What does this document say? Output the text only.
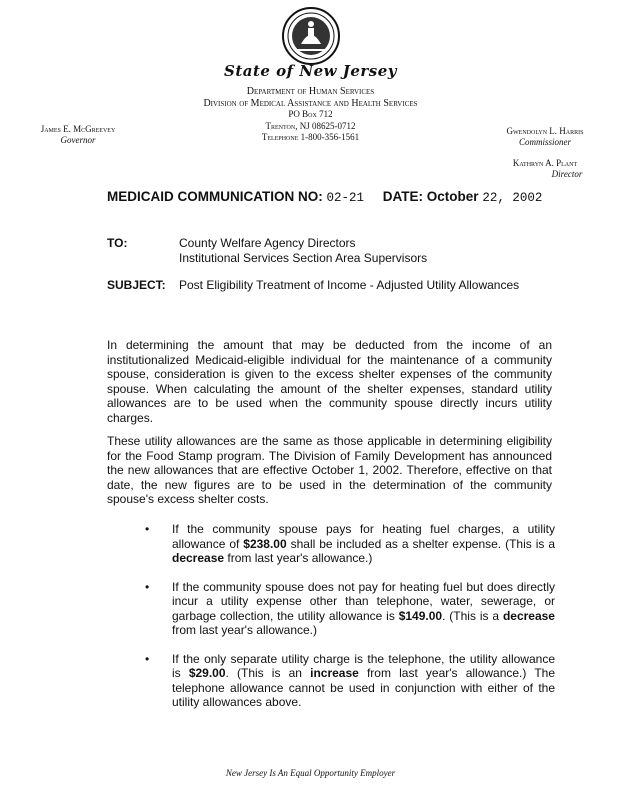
State of New Jersey
Department of Human Services
Division of Medical Assistance and Health Services
PO Box 712
Trenton, NJ 08625-0712
Telephone 1-800-356-1561
James E. McGreevey
Governor
Gwendolyn L. Harris
Commissioner
Kathryn A. Plant
Director
MEDICAID COMMUNICATION NO: 02-21 DATE: October 22, 2002
TO:	County Welfare Agency Directors
Institutional Services Section Area Supervisors
SUBJECT: Post Eligibility Treatment of Income - Adjusted Utility Allowances
In determining the amount that may be deducted from the income of an institutionalized Medicaid-eligible individual for the maintenance of a community spouse, consideration is given to the excess shelter expenses of the community spouse. When calculating the amount of the shelter expenses, standard utility allowances are to be used when the community spouse directly incurs utility charges.
These utility allowances are the same as those applicable in determining eligibility for the Food Stamp program. The Division of Family Development has announced the new allowances that are effective October 1, 2002. Therefore, effective on that date, the new figures are to be used in the determination of the community spouse's excess shelter costs.
• If the community spouse pays for heating fuel charges, a utility allowance of $238.00 shall be included as a shelter expense. (This is a decrease from last year's allowance.)
• If the community spouse does not pay for heating fuel but does directly incur a utility expense other than telephone, water, sewerage, or garbage collection, the utility allowance is $149.00. (This is a decrease from last year's allowance.)
• If the only separate utility charge is the telephone, the utility allowance is $29.00. (This is an increase from last year's allowance.) The telephone allowance cannot be used in conjunction with either of the utility allowances above.
New Jersey Is An Equal Opportunity Employer
